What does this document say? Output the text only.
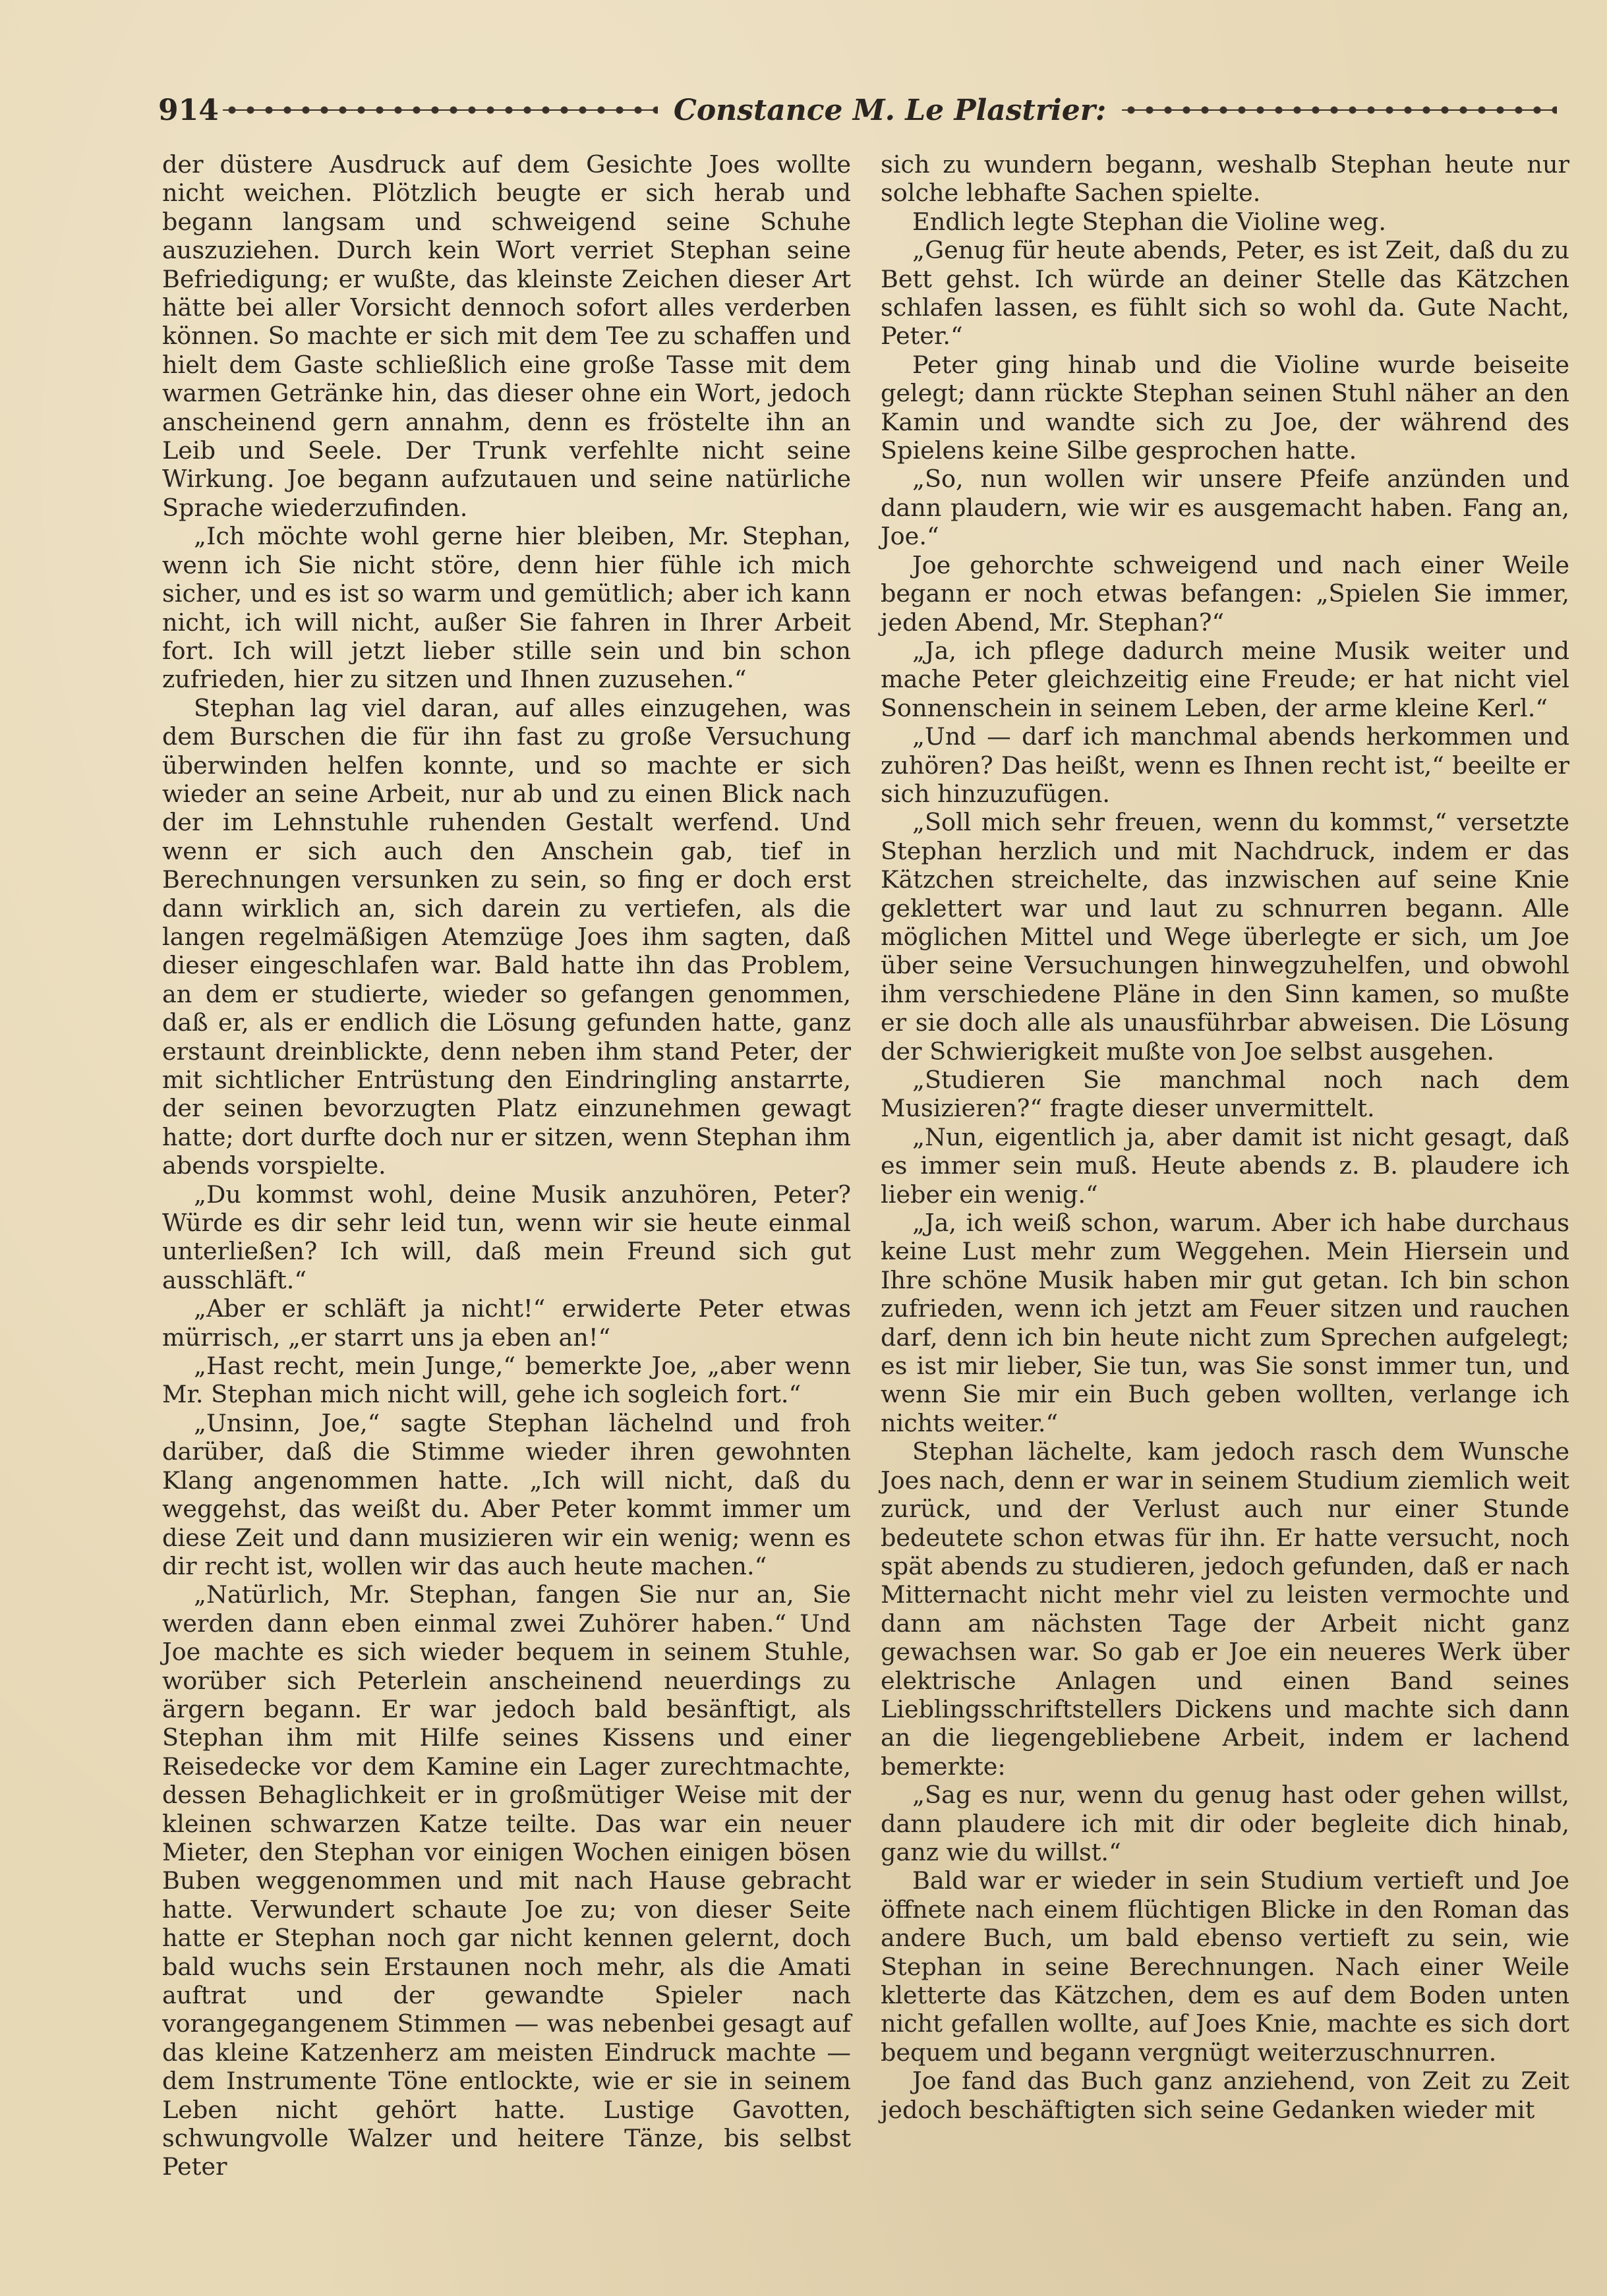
914	Constance M. Le Plastrier:

der düstere Ausdruck auf dem Gesichte Joes wollte nicht weichen. Plötzlich beugte er sich herab und begann langsam und schweigend seine Schuhe auszuziehen. Durch kein Wort verriet Stephan seine Befriedigung; er wußte, das kleinste Zeichen dieser Art hätte bei aller Vorsicht dennoch sofort alles verderben können. So machte er sich mit dem Tee zu schaffen und hielt dem Gaste schließlich eine große Tasse mit dem warmen Getränke hin, das dieser ohne ein Wort, jedoch anscheinend gern annahm, denn es fröstelte ihn an Leib und Seele. Der Trunk verfehlte nicht seine Wirkung. Joe begann aufzutauen und seine natürliche Sprache wiederzufinden.

„Ich möchte wohl gerne hier bleiben, Mr. Stephan, wenn ich Sie nicht störe, denn hier fühle ich mich sicher, und es ist so warm und gemütlich; aber ich kann nicht, ich will nicht, außer Sie fahren in Ihrer Arbeit fort. Ich will jetzt lieber stille sein und bin schon zufrieden, hier zu sitzen und Ihnen zuzusehen.“

Stephan lag viel daran, auf alles einzugehen, was dem Burschen die für ihn fast zu große Versuchung überwinden helfen konnte, und so machte er sich wieder an seine Arbeit, nur ab und zu einen Blick nach der im Lehnstuhle ruhenden Gestalt werfend. Und wenn er sich auch den Anschein gab, tief in Berechnungen versunken zu sein, so fing er doch erst dann wirklich an, sich darein zu vertiefen, als die langen regelmäßigen Atemzüge Joes ihm sagten, daß dieser eingeschlafen war. Bald hatte ihn das Problem, an dem er studierte, wieder so gefangen genommen, daß er, als er endlich die Lösung gefunden hatte, ganz erstaunt dreinblickte, denn neben ihm stand Peter, der mit sichtlicher Entrüstung den Eindringling anstarrte, der seinen bevorzugten Platz einzunehmen gewagt hatte; dort durfte doch nur er sitzen, wenn Stephan ihm abends vorspielte.

„Du kommst wohl, deine Musik anzuhören, Peter? Würde es dir sehr leid tun, wenn wir sie heute einmal unterließen? Ich will, daß mein Freund sich gut ausschläft.“

„Aber er schläft ja nicht!“ erwiderte Peter etwas mürrisch, „er starrt uns ja eben an!“

„Hast recht, mein Junge,“ bemerkte Joe, „aber wenn Mr. Stephan mich nicht will, gehe ich sogleich fort.“

„Unsinn, Joe,“ sagte Stephan lächelnd und froh darüber, daß die Stimme wieder ihren gewohnten Klang angenommen hatte. „Ich will nicht, daß du weggehst, das weißt du. Aber Peter kommt immer um diese Zeit und dann musizieren wir ein wenig; wenn es dir recht ist, wollen wir das auch heute machen.“

„Natürlich, Mr. Stephan, fangen Sie nur an, Sie werden dann eben einmal zwei Zuhörer haben.“ Und Joe machte es sich wieder bequem in seinem Stuhle, worüber sich Peterlein anscheinend neuerdings zu ärgern begann. Er war jedoch bald besänftigt, als Stephan ihm mit Hilfe seines Kissens und einer Reisedecke vor dem Kamine ein Lager zurechtmachte, dessen Behaglichkeit er in großmütiger Weise mit der kleinen schwarzen Katze teilte. Das war ein neuer Mieter, den Stephan vor einigen Wochen einigen bösen Buben weggenommen und mit nach Hause gebracht hatte. Verwundert schaute Joe zu; von dieser Seite hatte er Stephan noch gar nicht kennen gelernt, doch bald wuchs sein Erstaunen noch mehr, als die Amati auftrat und der gewandte Spieler nach vorangegangenem Stimmen — was nebenbei gesagt auf das kleine Katzenherz am meisten Eindruck machte — dem Instrumente Töne entlockte, wie er sie in seinem Leben nicht gehört hatte. Lustige Gavotten, schwungvolle Walzer und heitere Tänze, bis selbst Peter

sich zu wundern begann, weshalb Stephan heute nur solche lebhafte Sachen spielte.

Endlich legte Stephan die Violine weg.

„Genug für heute abends, Peter, es ist Zeit, daß du zu Bett gehst. Ich würde an deiner Stelle das Kätzchen schlafen lassen, es fühlt sich so wohl da. Gute Nacht, Peter.“

Peter ging hinab und die Violine wurde beiseite gelegt; dann rückte Stephan seinen Stuhl näher an den Kamin und wandte sich zu Joe, der während des Spielens keine Silbe gesprochen hatte.

„So, nun wollen wir unsere Pfeife anzünden und dann plaudern, wie wir es ausgemacht haben. Fang an, Joe.“

Joe gehorchte schweigend und nach einer Weile begann er noch etwas befangen: „Spielen Sie immer, jeden Abend, Mr. Stephan?“

„Ja, ich pflege dadurch meine Musik weiter und mache Peter gleichzeitig eine Freude; er hat nicht viel Sonnenschein in seinem Leben, der arme kleine Kerl.“

„Und — darf ich manchmal abends herkommen und zuhören? Das heißt, wenn es Ihnen recht ist,“ beeilte er sich hinzuzufügen.

„Soll mich sehr freuen, wenn du kommst,“ versetzte Stephan herzlich und mit Nachdruck, indem er das Kätzchen streichelte, das inzwischen auf seine Knie geklettert war und laut zu schnurren begann. Alle möglichen Mittel und Wege überlegte er sich, um Joe über seine Versuchungen hinwegzuhelfen, und obwohl ihm verschiedene Pläne in den Sinn kamen, so mußte er sie doch alle als unausführbar abweisen. Die Lösung der Schwierigkeit mußte von Joe selbst ausgehen.

„Studieren Sie manchmal noch nach dem Musizieren?“ fragte dieser unvermittelt.

„Nun, eigentlich ja, aber damit ist nicht gesagt, daß es immer sein muß. Heute abends z. B. plaudere ich lieber ein wenig.“

„Ja, ich weiß schon, warum. Aber ich habe durchaus keine Lust mehr zum Weggehen. Mein Hiersein und Ihre schöne Musik haben mir gut getan. Ich bin schon zufrieden, wenn ich jetzt am Feuer sitzen und rauchen darf, denn ich bin heute nicht zum Sprechen aufgelegt; es ist mir lieber, Sie tun, was Sie sonst immer tun, und wenn Sie mir ein Buch geben wollten, verlange ich nichts weiter.“

Stephan lächelte, kam jedoch rasch dem Wunsche Joes nach, denn er war in seinem Studium ziemlich weit zurück, und der Verlust auch nur einer Stunde bedeutete schon etwas für ihn. Er hatte versucht, noch spät abends zu studieren, jedoch gefunden, daß er nach Mitternacht nicht mehr viel zu leisten vermochte und dann am nächsten Tage der Arbeit nicht ganz gewachsen war. So gab er Joe ein neueres Werk über elektrische Anlagen und einen Band seines Lieblingsschriftstellers Dickens und machte sich dann an die liegengebliebene Arbeit, indem er lachend bemerkte:

„Sag es nur, wenn du genug hast oder gehen willst, dann plaudere ich mit dir oder begleite dich hinab, ganz wie du willst.“

Bald war er wieder in sein Studium vertieft und Joe öffnete nach einem flüchtigen Blicke in den Roman das andere Buch, um bald ebenso vertieft zu sein, wie Stephan in seine Berechnungen. Nach einer Weile kletterte das Kätzchen, dem es auf dem Boden unten nicht gefallen wollte, auf Joes Knie, machte es sich dort bequem und begann vergnügt weiterzuschnurren.

Joe fand das Buch ganz anziehend, von Zeit zu Zeit jedoch beschäftigten sich seine Gedanken wieder mit
